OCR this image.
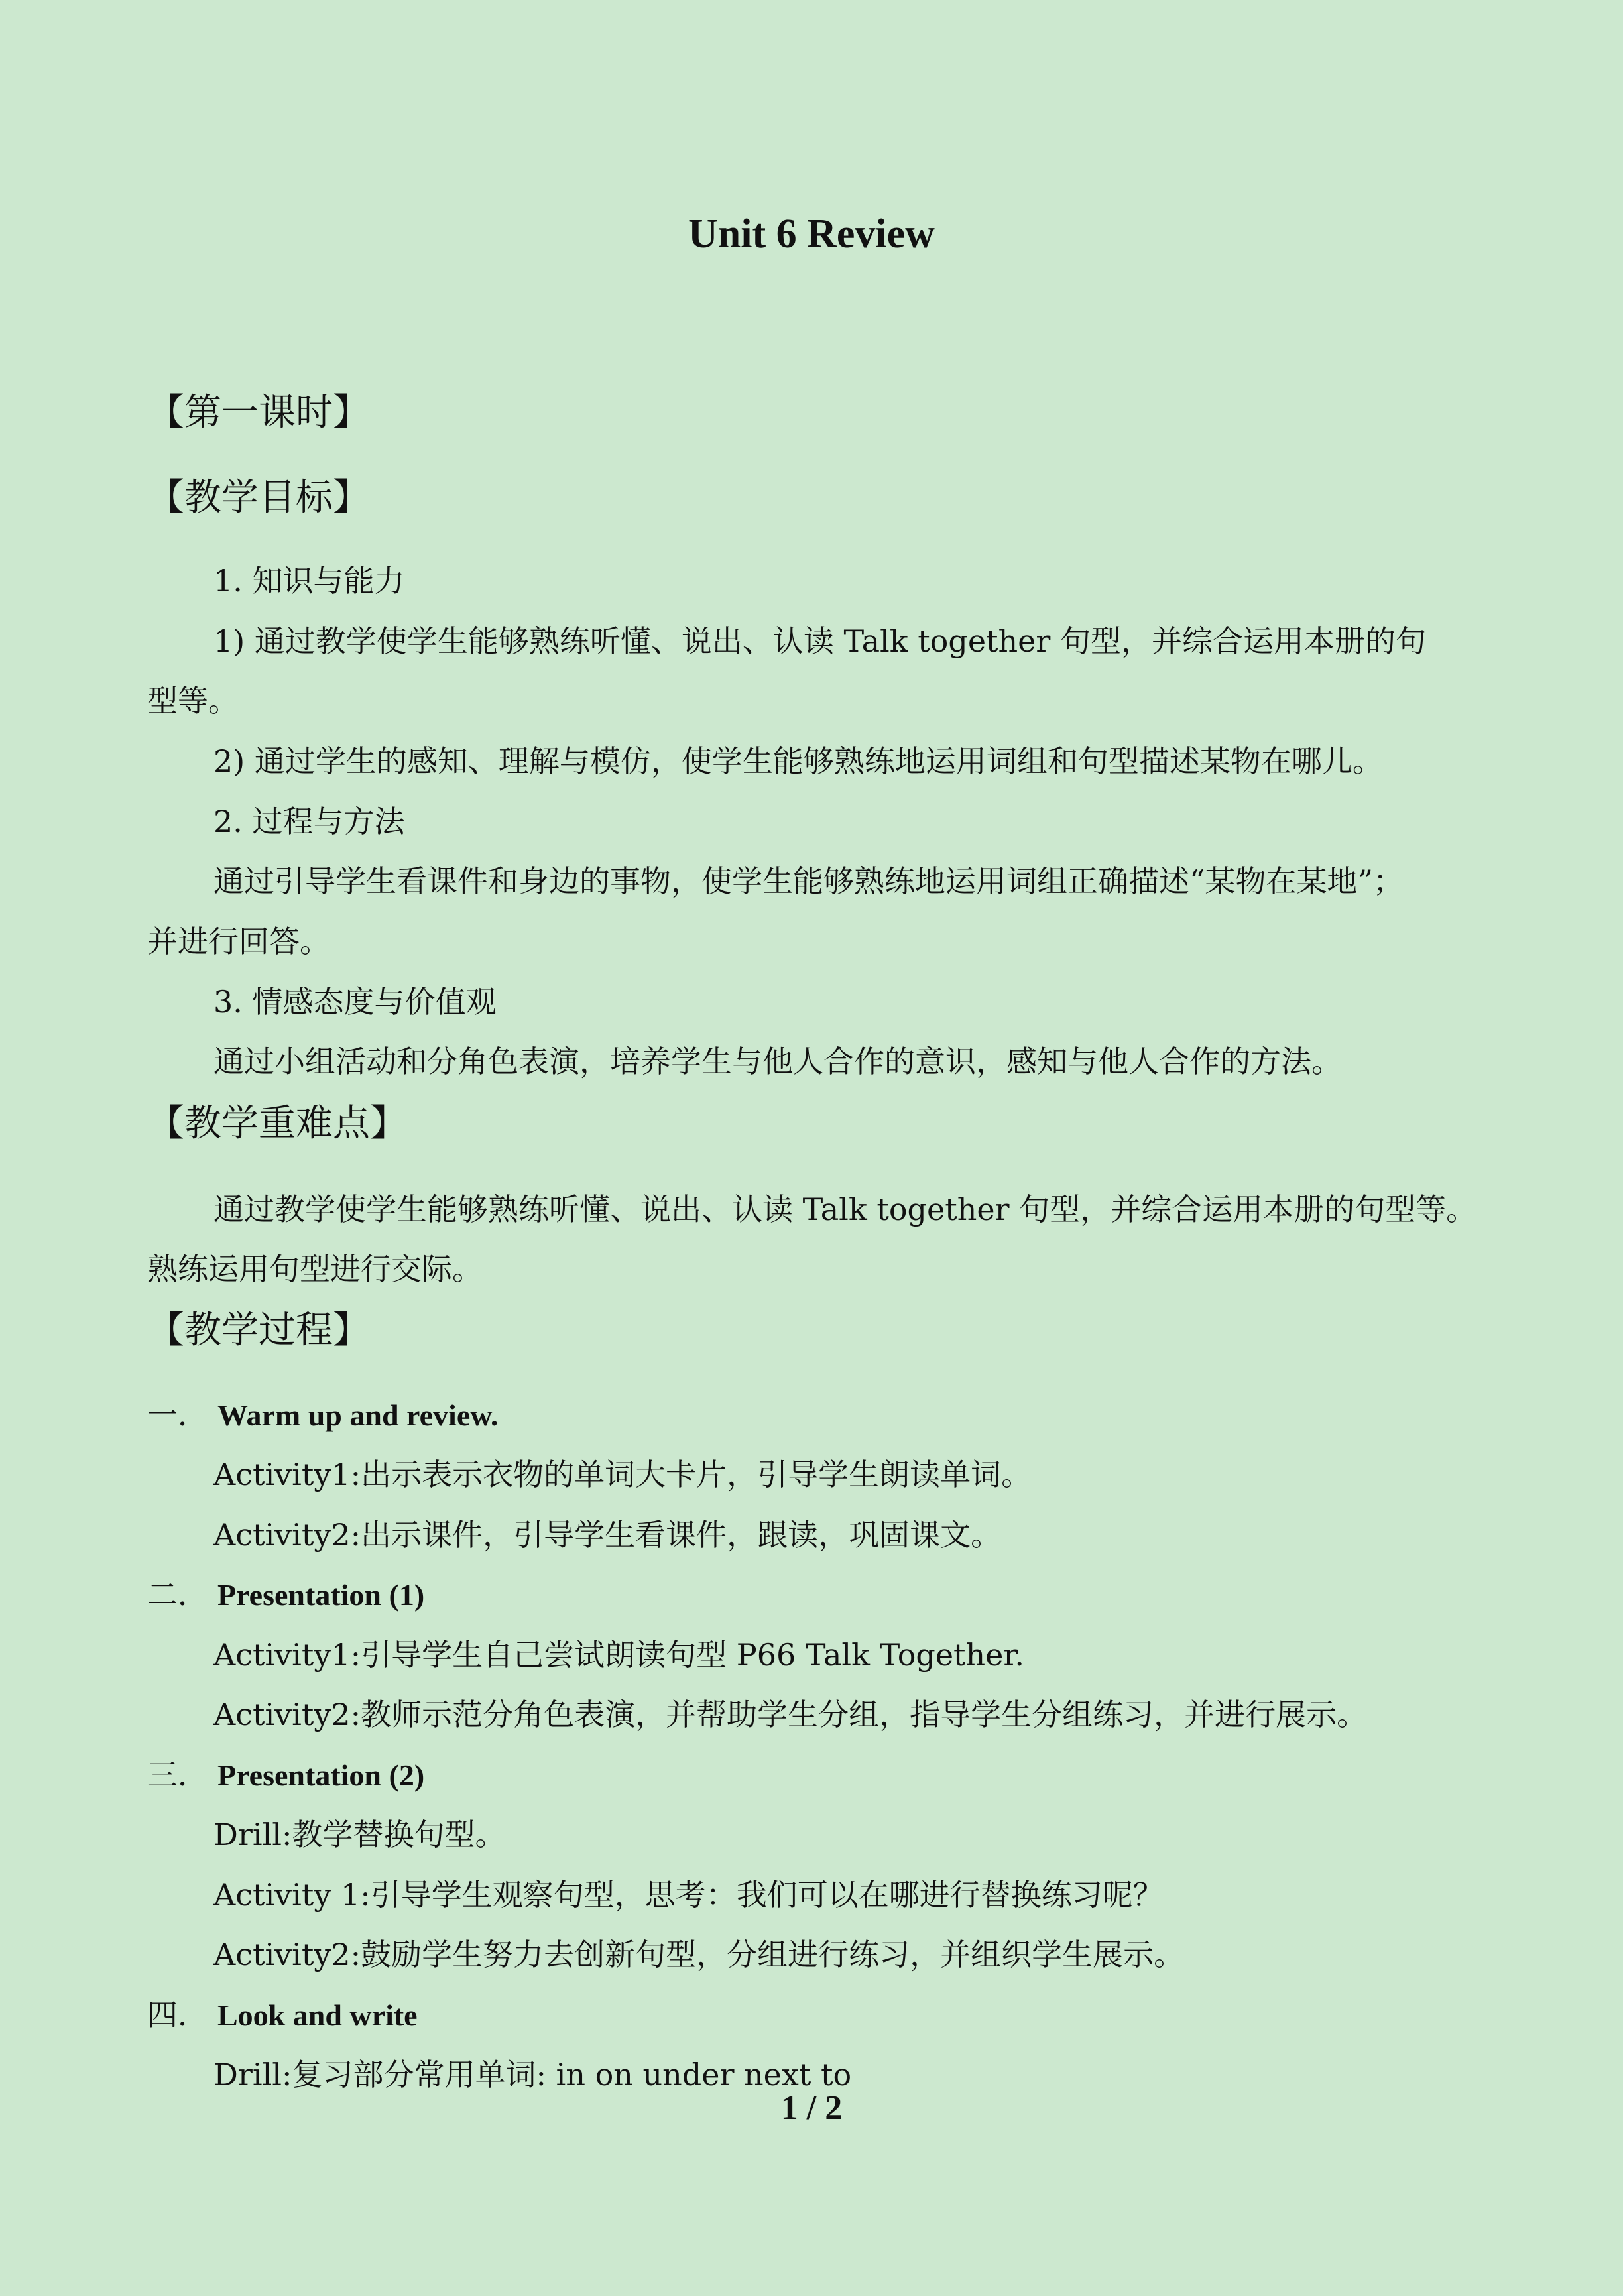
Unit 6 Review
【第一课时】
【教学目标】
1. 知识与能力
1) 通过教学使学生能够熟练听懂、说出、认读 Talk together 句型，并综合运用本册的句
型等。
2) 通过学生的感知、理解与模仿，使学生能够熟练地运用词组和句型描述某物在哪儿。
2. 过程与方法
通过引导学生看课件和身边的事物，使学生能够熟练地运用词组正确描述“某物在某地”；
并进行回答。
3. 情感态度与价值观
通过小组活动和分角色表演，培养学生与他人合作的意识，感知与他人合作的方法。
【教学重难点】
通过教学使学生能够熟练听懂、说出、认读 Talk together 句型，并综合运用本册的句型等。
熟练运用句型进行交际。
【教学过程】
一． Warm up and review.
Activity1:出示表示衣物的单词大卡片，引导学生朗读单词。
Activity2:出示课件，引导学生看课件，跟读，巩固课文。
二． Presentation (1)
Activity1:引导学生自己尝试朗读句型 P66 Talk Together.
Activity2:教师示范分角色表演，并帮助学生分组，指导学生分组练习，并进行展示。
三． Presentation (2)
Drill:教学替换句型。
Activity 1:引导学生观察句型，思考：我们可以在哪进行替换练习呢？
Activity2:鼓励学生努力去创新句型，分组进行练习，并组织学生展示。
四． Look and write
Drill:复习部分常用单词: in on under next to
1 / 2
